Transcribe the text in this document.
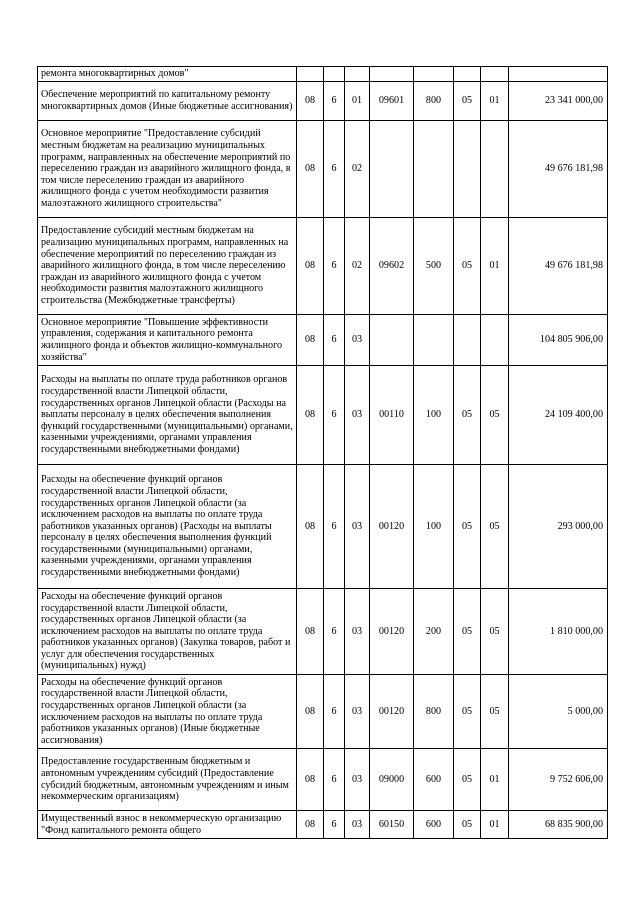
ремонта многоквартирных домов"								
Обеспечение мероприятий по капитальному ремонту многоквартирных домов (Иные бюджетные ассигнования)	08	6	01	09601	800	05	01	23 341 000,00
Основное мероприятие "Предоставление субсидий местным бюджетам на реализацию муниципальных программ, направленных на обеспечение мероприятий по переселению граждан из аварийного жилищного фонда, в том числе переселению граждан из аварийного жилищного фонда с учетом необходимости развития малоэтажного жилищного строительства"	08	6	02					49 676 181,98
Предоставление субсидий местным бюджетам на реализацию муниципальных программ, направленных на обеспечение мероприятий по переселению граждан из аварийного жилищного фонда, в том числе переселению граждан из аварийного жилищного фонда с учетом необходимости развития малоэтажного жилищного строительства (Межбюджетные трансферты)	08	6	02	09602	500	05	01	49 676 181,98
Основное мероприятие "Повышение эффективности управления, содержания и капитального ремонта жилищного фонда и объектов жилищно-коммунального хозяйства"	08	6	03					104 805 906,00
Расходы на выплаты по оплате труда работников органов государственной власти Липецкой области, государственных органов Липецкой области (Расходы на выплаты персоналу в целях обеспечения выполнения функций государственными (муниципальными) органами, казенными учреждениями, органами управления государственными внебюджетными фондами)	08	6	03	00110	100	05	05	24 109 400,00
Расходы на обеспечение функций органов государственной власти Липецкой области, государственных органов Липецкой области (за исключением расходов на выплаты по оплате труда работников указанных органов) (Расходы на выплаты персоналу в целях обеспечения выполнения функций государственными (муниципальными) органами, казенными учреждениями, органами управления государственными внебюджетными фондами)	08	6	03	00120	100	05	05	293 000,00
Расходы на обеспечение функций органов государственной власти Липецкой области, государственных органов Липецкой области (за исключением расходов на выплаты по оплате труда работников указанных органов) (Закупка товаров, работ и услуг для обеспечения государственных (муниципальных) нужд)	08	6	03	00120	200	05	05	1 810 000,00
Расходы на обеспечение функций органов государственной власти Липецкой области, государственных органов Липецкой области (за исключением расходов на выплаты по оплате труда работников указанных органов) (Иные бюджетные ассигнования)	08	6	03	00120	800	05	05	5 000,00
Предоставление государственным бюджетным и автономным учреждениям субсидий (Предоставление субсидий бюджетным, автономным учреждениям и иным некоммерческим организациям)	08	6	03	09000	600	05	01	9 752 606,00
Имущественный взнос в некоммерческую организацию "Фонд капитального ремонта общего	08	6	03	60150	600	05	01	68 835 900,00
